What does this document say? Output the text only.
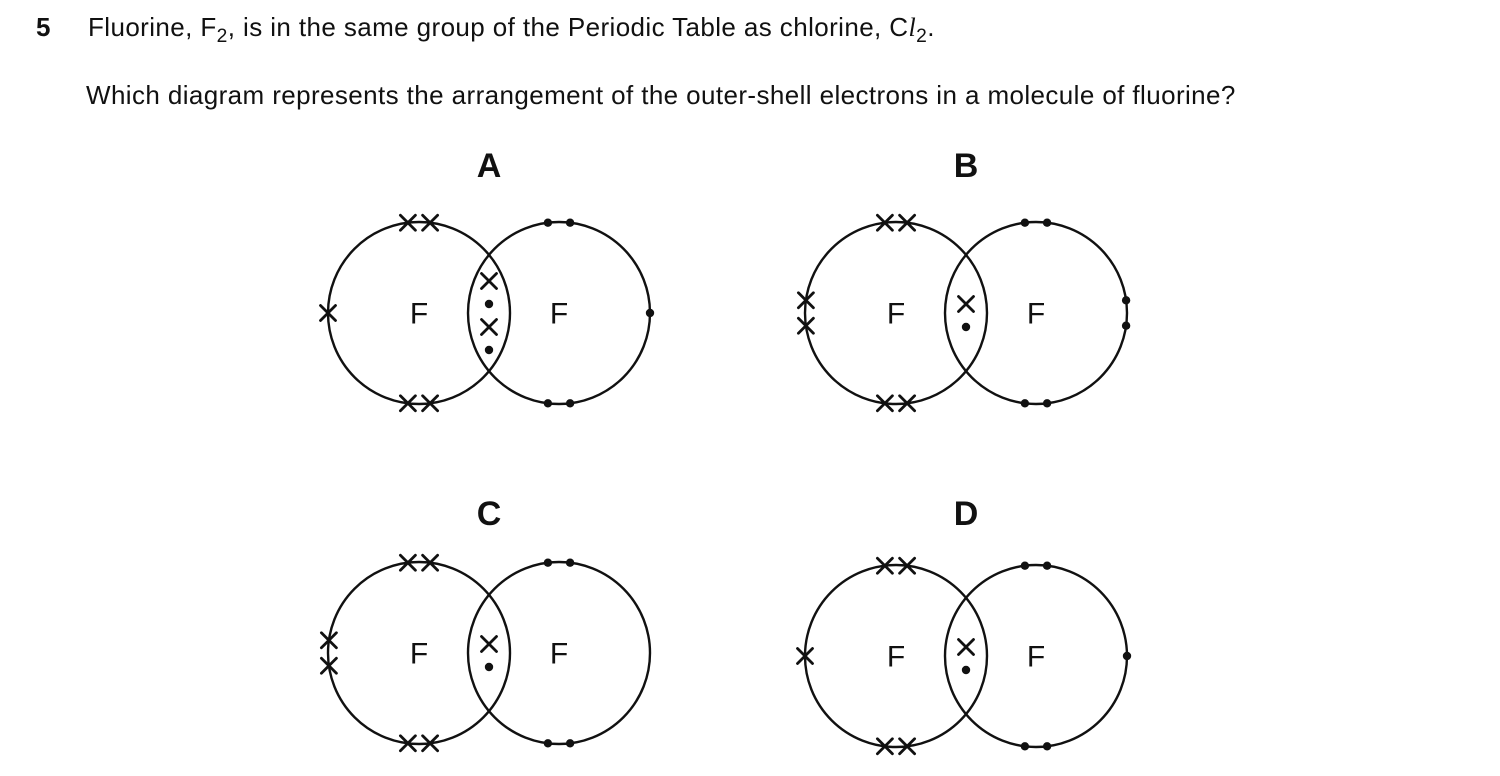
5 Fluorine, $F_2$, is in the same group of the Periodic Table as chlorine, $Cl_2$.
Which diagram represents the arrangement of the outer-shell electrons in a molecule of fluorine?
A	B
C	D
F	F	F	F
F	F	F	F
